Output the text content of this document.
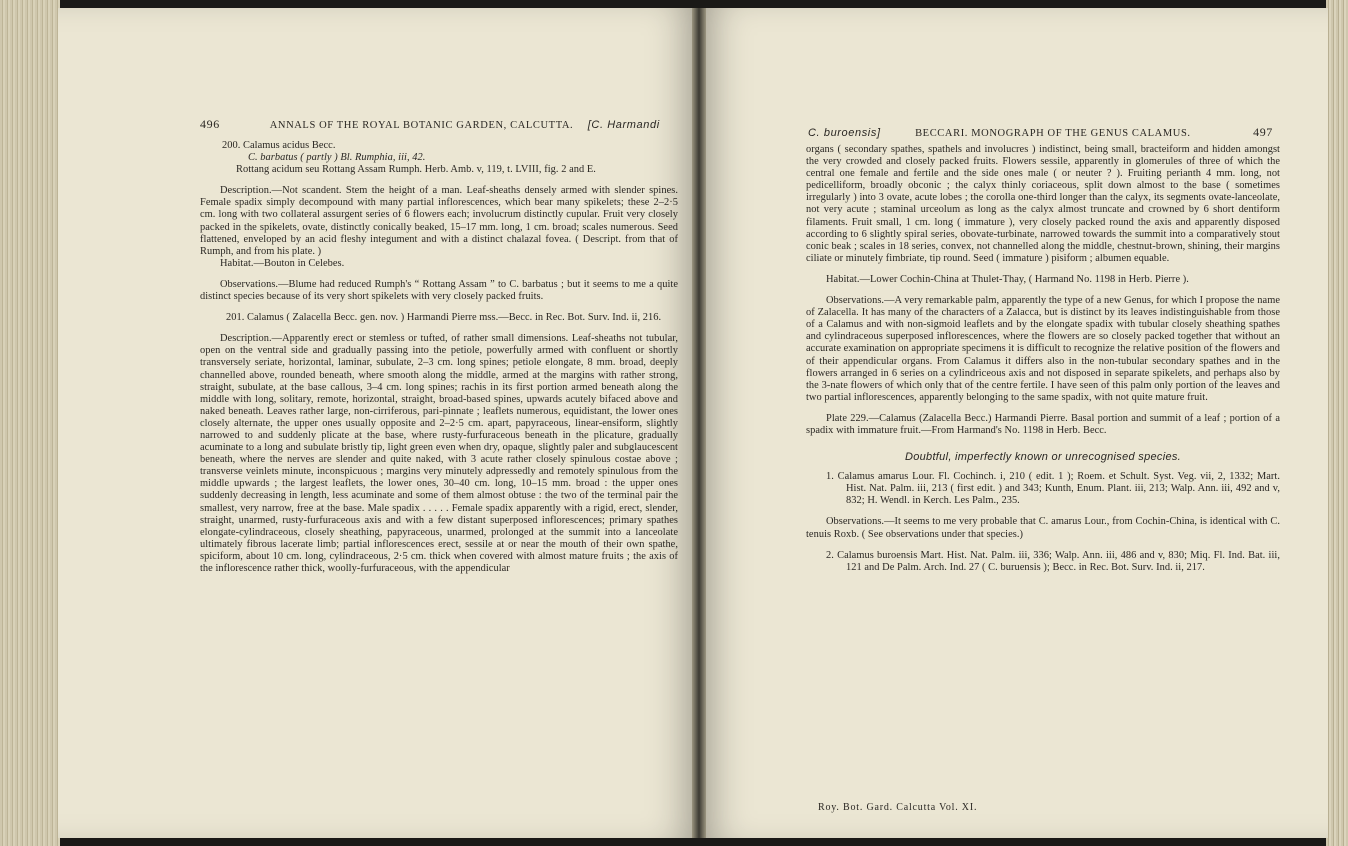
496	ANNALS OF THE ROYAL BOTANIC GARDEN, CALCUTTA. [C. Harmandi

200. Calamus acidus Becc.

C. barbatus ( partly ) Bl. Rumphia, iii, 42.

Rottang acidum seu Rottang Assam Rumph. Herb. Amb. v, 119, t. LVIII, fig. 2 and E.

Description.—Not scandent. Stem the height of a man. Leaf-sheaths densely armed with slender spines. Female spadix simply decompound with many partial inflorescences, which bear many spikelets; these 2–2·5 cm. long with two collateral assurgent series of 6 flowers each; involucrum distinctly cupular. Fruit very closely packed in the spikelets, ovate, distinctly conically beaked, 15–17 mm. long, 1 cm. broad; scales numerous. Seed flattened, enveloped by an acid fleshy integument and with a distinct chalazal fovea. ( Descript. from that of Rumph, and from his plate. )

Habitat.—Bouton in Celebes.

Observations.—Blume had reduced Rumph's “ Rottang Assam ” to C. barbatus ; but it seems to me a quite distinct species because of its very short spikelets with very closely packed fruits.

201. Calamus ( Zalacella Becc. gen. nov. ) Harmandi Pierre mss.—Becc. in Rec. Bot. Surv. Ind. ii, 216.

Description.—Apparently erect or stemless or tufted, of rather small dimensions. Leaf-sheaths not tubular, open on the ventral side and gradually passing into the petiole, powerfully armed with confluent or shortly transversely seriate, horizontal, laminar, subulate, 2–3 cm. long spines; petiole elongate, 8 mm. broad, deeply channelled above, rounded beneath, where smooth along the middle, armed at the margins with rather strong, straight, subulate, at the base callous, 3–4 cm. long spines; rachis in its first portion armed beneath along the middle with long, solitary, remote, horizontal, straight, broad-based spines, upwards acutely bifaced above and naked beneath. Leaves rather large, non-cirriferous, pari-pinnate ; leaflets numerous, equidistant, the lower ones closely alternate, the upper ones usually opposite and 2–2·5 cm. apart, papyraceous, linear-ensiform, slightly narrowed to and suddenly plicate at the base, where rusty-furfuraceous beneath in the plicature, gradually acuminate to a long and subulate bristly tip, light green even when dry, opaque, slightly paler and subglaucescent beneath, where the nerves are slender and quite naked, with 3 acute rather closely spinulous costae above ; transverse veinlets minute, inconspicuous ; margins very minutely adpressedly and remotely spinulous from the middle upwards ; the largest leaflets, the lower ones, 30–40 cm. long, 10–15 mm. broad : the upper ones suddenly decreasing in length, less acuminate and some of them almost obtuse : the two of the terminal pair the smallest, very narrow, free at the base. Male spadix . . . . . Female spadix apparently with a rigid, erect, slender, straight, unarmed, rusty-furfuraceous axis and with a few distant superposed inflorescences; primary spathes elongate-cylindraceous, closely sheathing, papyraceous, unarmed, prolonged at the summit into a lanceolate ultimately fibrous lacerate limb; partial inflorescences erect, sessile at or near the mouth of their own spathe, spiciform, about 10 cm. long, cylindraceous, 2·5 cm. thick when covered with almost mature fruits ; the axis of the inflorescence rather thick, woolly-furfuraceous, with the appendicular

C. buroensis]	BECCARI. MONOGRAPH OF THE GENUS CALAMUS.	497

organs ( secondary spathes, spathels and involucres ) indistinct, being small, bracteiform and hidden amongst the very crowded and closely packed fruits. Flowers sessile, apparently in glomerules of three of which the central one female and fertile and the side ones male ( or neuter ? ). Fruiting perianth 4 mm. long, not pedicelliform, broadly obconic ; the calyx thinly coriaceous, split down almost to the base ( sometimes irregularly ) into 3 ovate, acute lobes ; the corolla one-third longer than the calyx, its segments ovate-lanceolate, not very acute ; staminal urceolum as long as the calyx almost truncate and crowned by 6 short dentiform filaments. Fruit small, 1 cm. long ( immature ), very closely packed round the axis and apparently disposed according to 6 slightly spiral series, obovate-turbinate, narrowed towards the summit into a comparatively stout conic beak ; scales in 18 series, convex, not channelled along the middle, chestnut-brown, shining, their margins ciliate or minutely fimbriate, tip round. Seed ( immature ) pisiform ; albumen equable.

Habitat.—Lower Cochin-China at Thulet-Thay, ( Harmand No. 1198 in Herb. Pierre ).

Observations.—A very remarkable palm, apparently the type of a new Genus, for which I propose the name of Zalacella. It has many of the characters of a Zalacca, but is distinct by its leaves indistinguishable from those of a Calamus and with non-sigmoid leaflets and by the elongate spadix with tubular closely sheathing spathes and cylindraceous superposed inflorescences, where the flowers are so closely packed together that without an accurate examination on appropriate specimens it is difficult to recognize the relative position of the flowers and of their appendicular organs. From Calamus it differs also in the non-tubular secondary spathes and in the flowers arranged in 6 series on a cylindriceous axis and not disposed in separate spikelets, and perhaps also by the 3-nate flowers of which only that of the centre fertile. I have seen of this palm only portion of the leaves and two partial inflorescences, apparently belonging to the same spadix, with not quite mature fruit.

Plate 229.—Calamus (Zalacella Becc.) Harmandi Pierre. Basal portion and summit of a leaf ; portion of a spadix with immature fruit.—From Harmand's No. 1198 in Herb. Becc.

Doubtful, imperfectly known or unrecognised species.

1. Calamus amarus Lour. Fl. Cochinch. i, 210 ( edit. 1 ); Roem. et Schult. Syst. Veg. vii, 2, 1332; Mart. Hist. Nat. Palm. iii, 213 ( first edit. ) and 343; Kunth, Enum. Plant. iii, 213; Walp. Ann. iii, 492 and v, 832; H. Wendl. in Kerch. Les Palm., 235.

Observations.—It seems to me very probable that C. amarus Lour., from Cochin-China, is identical with C. tenuis Roxb. ( See observations under that species.)

2. Calamus buroensis Mart. Hist. Nat. Palm. iii, 336; Walp. Ann. iii, 486 and v, 830; Miq. Fl. Ind. Bat. iii, 121 and De Palm. Arch. Ind. 27 ( C. buruensis ); Becc. in Rec. Bot. Surv. Ind. ii, 217.

Roy. Bot. Gard. Calcutta Vol. XI.
